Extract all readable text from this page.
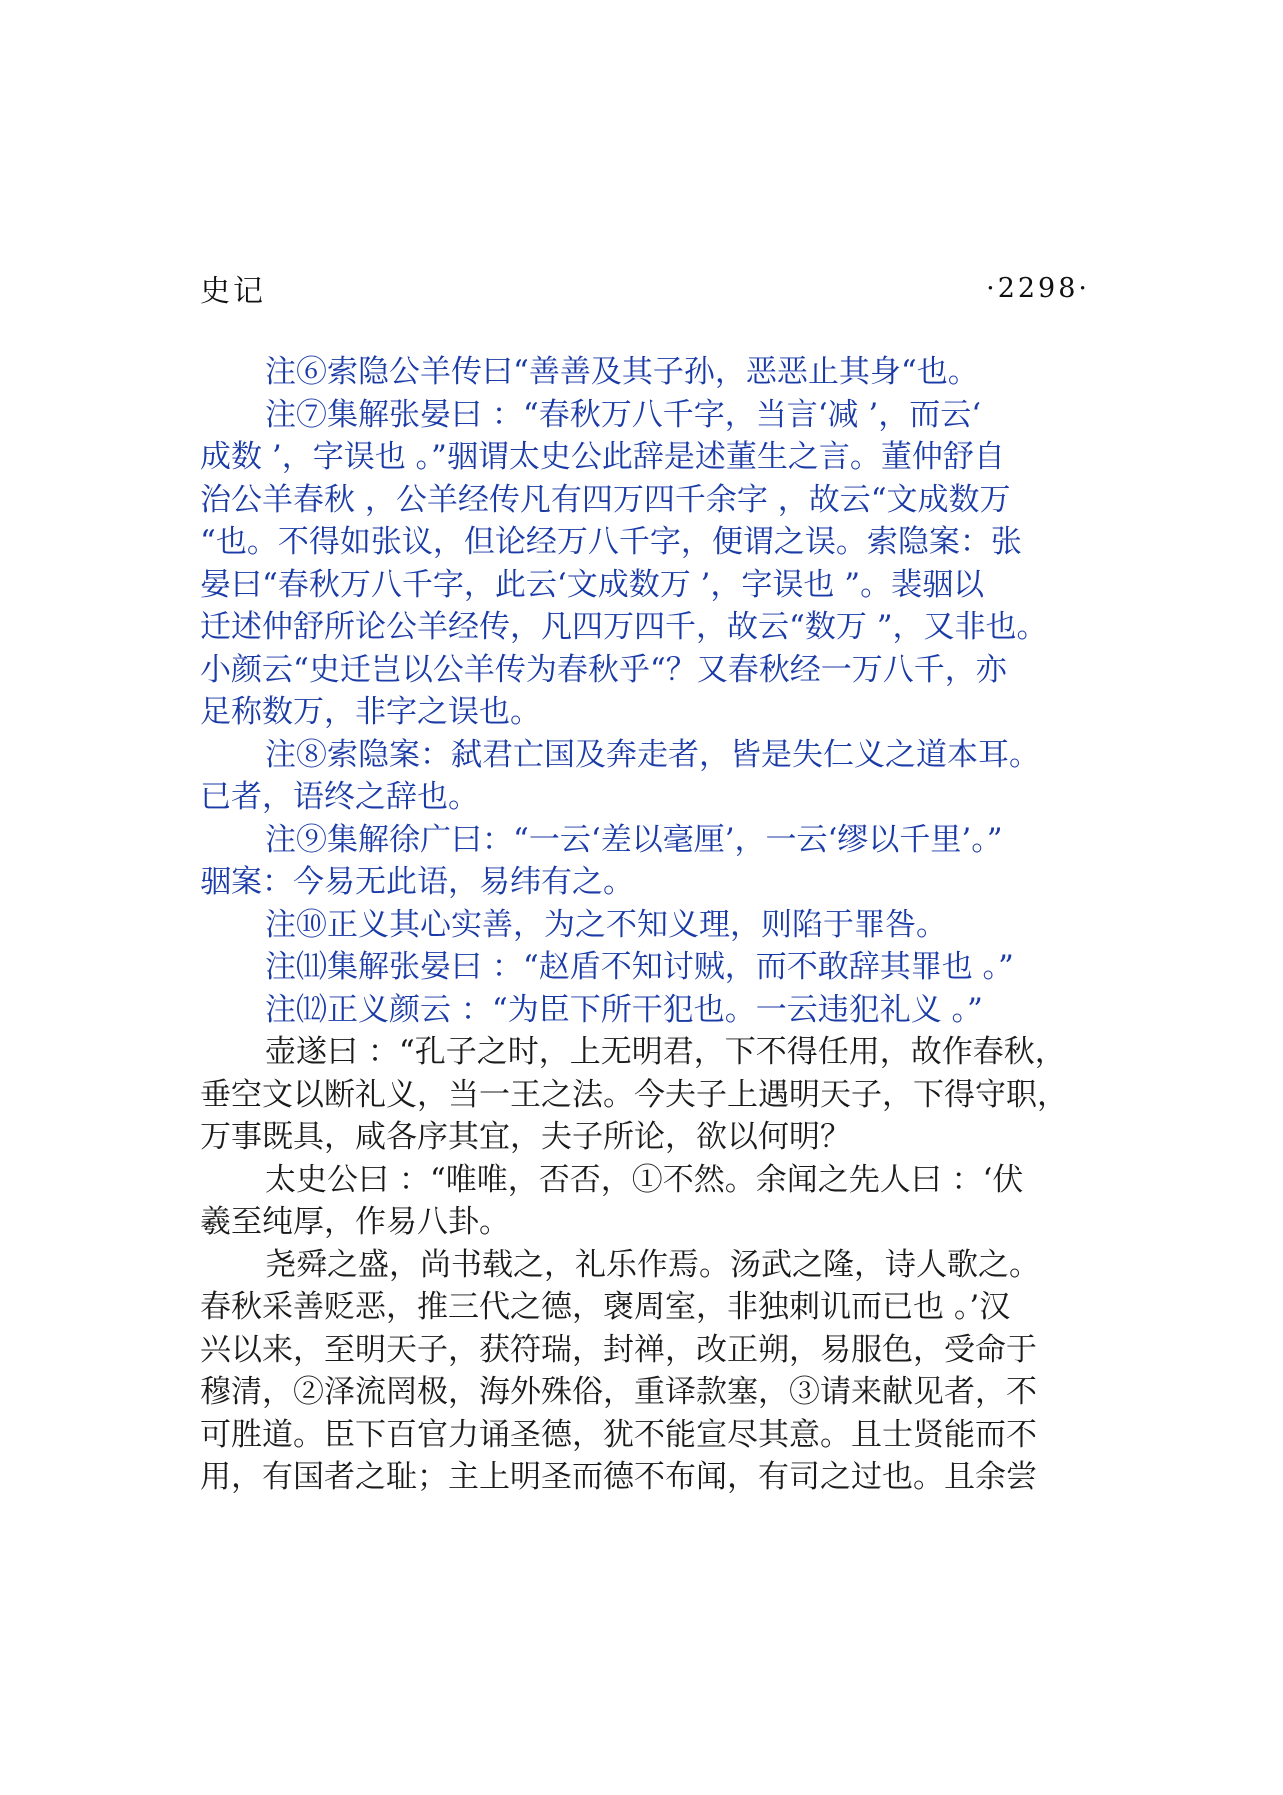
史记	·2298·
注⑥索隐公羊传曰“善善及其子孙，恶恶止其身“也。
注⑦集解张晏曰 ：“春秋万八千字，当言‘减 ’，而云‘
成数 ’，字误也 。”骃谓太史公此辞是述董生之言。董仲舒自
治公羊春秋 ，公羊经传凡有四万四千余字 ，故云“文成数万
“也。不得如张议，但论经万八千字，便谓之误。索隐案：张
晏曰“春秋万八千字，此云‘文成数万 ’，字误也 ”。裴骃以
迁述仲舒所论公羊经传，凡四万四千，故云“数万 ”，又非也。
小颜云“史迁岂以公羊传为春秋乎“？又春秋经一万八千，亦
足称数万，非字之误也。
注⑧索隐案：弑君亡国及奔走者，皆是失仁义之道本耳。
已者，语终之辞也。
注⑨集解徐广曰：“一云‘差以毫厘’，一云‘缪以千里’。”
骃案：今易无此语，易纬有之。
注⑩正义其心实善，为之不知义理，则陷于罪咎。
注⑾集解张晏曰 ：“赵盾不知讨贼，而不敢辞其罪也 。”
注⑿正义颜云 ：“为臣下所干犯也。一云违犯礼义 。”
壶遂曰 ：“孔子之时，上无明君，下不得任用，故作春秋，
垂空文以断礼义，当一王之法。今夫子上遇明天子，下得守职，
万事既具，咸各序其宜，夫子所论，欲以何明？
太史公曰 ：“唯唯，否否，①不然。余闻之先人曰 ：‘伏
羲至纯厚，作易八卦。
尧舜之盛，尚书载之，礼乐作焉。汤武之隆，诗人歌之。
春秋采善贬恶，推三代之德，襃周室，非独刺讥而已也 。’汉
兴以来，至明天子，获符瑞，封禅，改正朔，易服色，受命于
穆清，②泽流罔极，海外殊俗，重译款塞，③请来献见者，不
可胜道。臣下百官力诵圣德，犹不能宣尽其意。且士贤能而不
用，有国者之耻；主上明圣而德不布闻，有司之过也。且余尝
